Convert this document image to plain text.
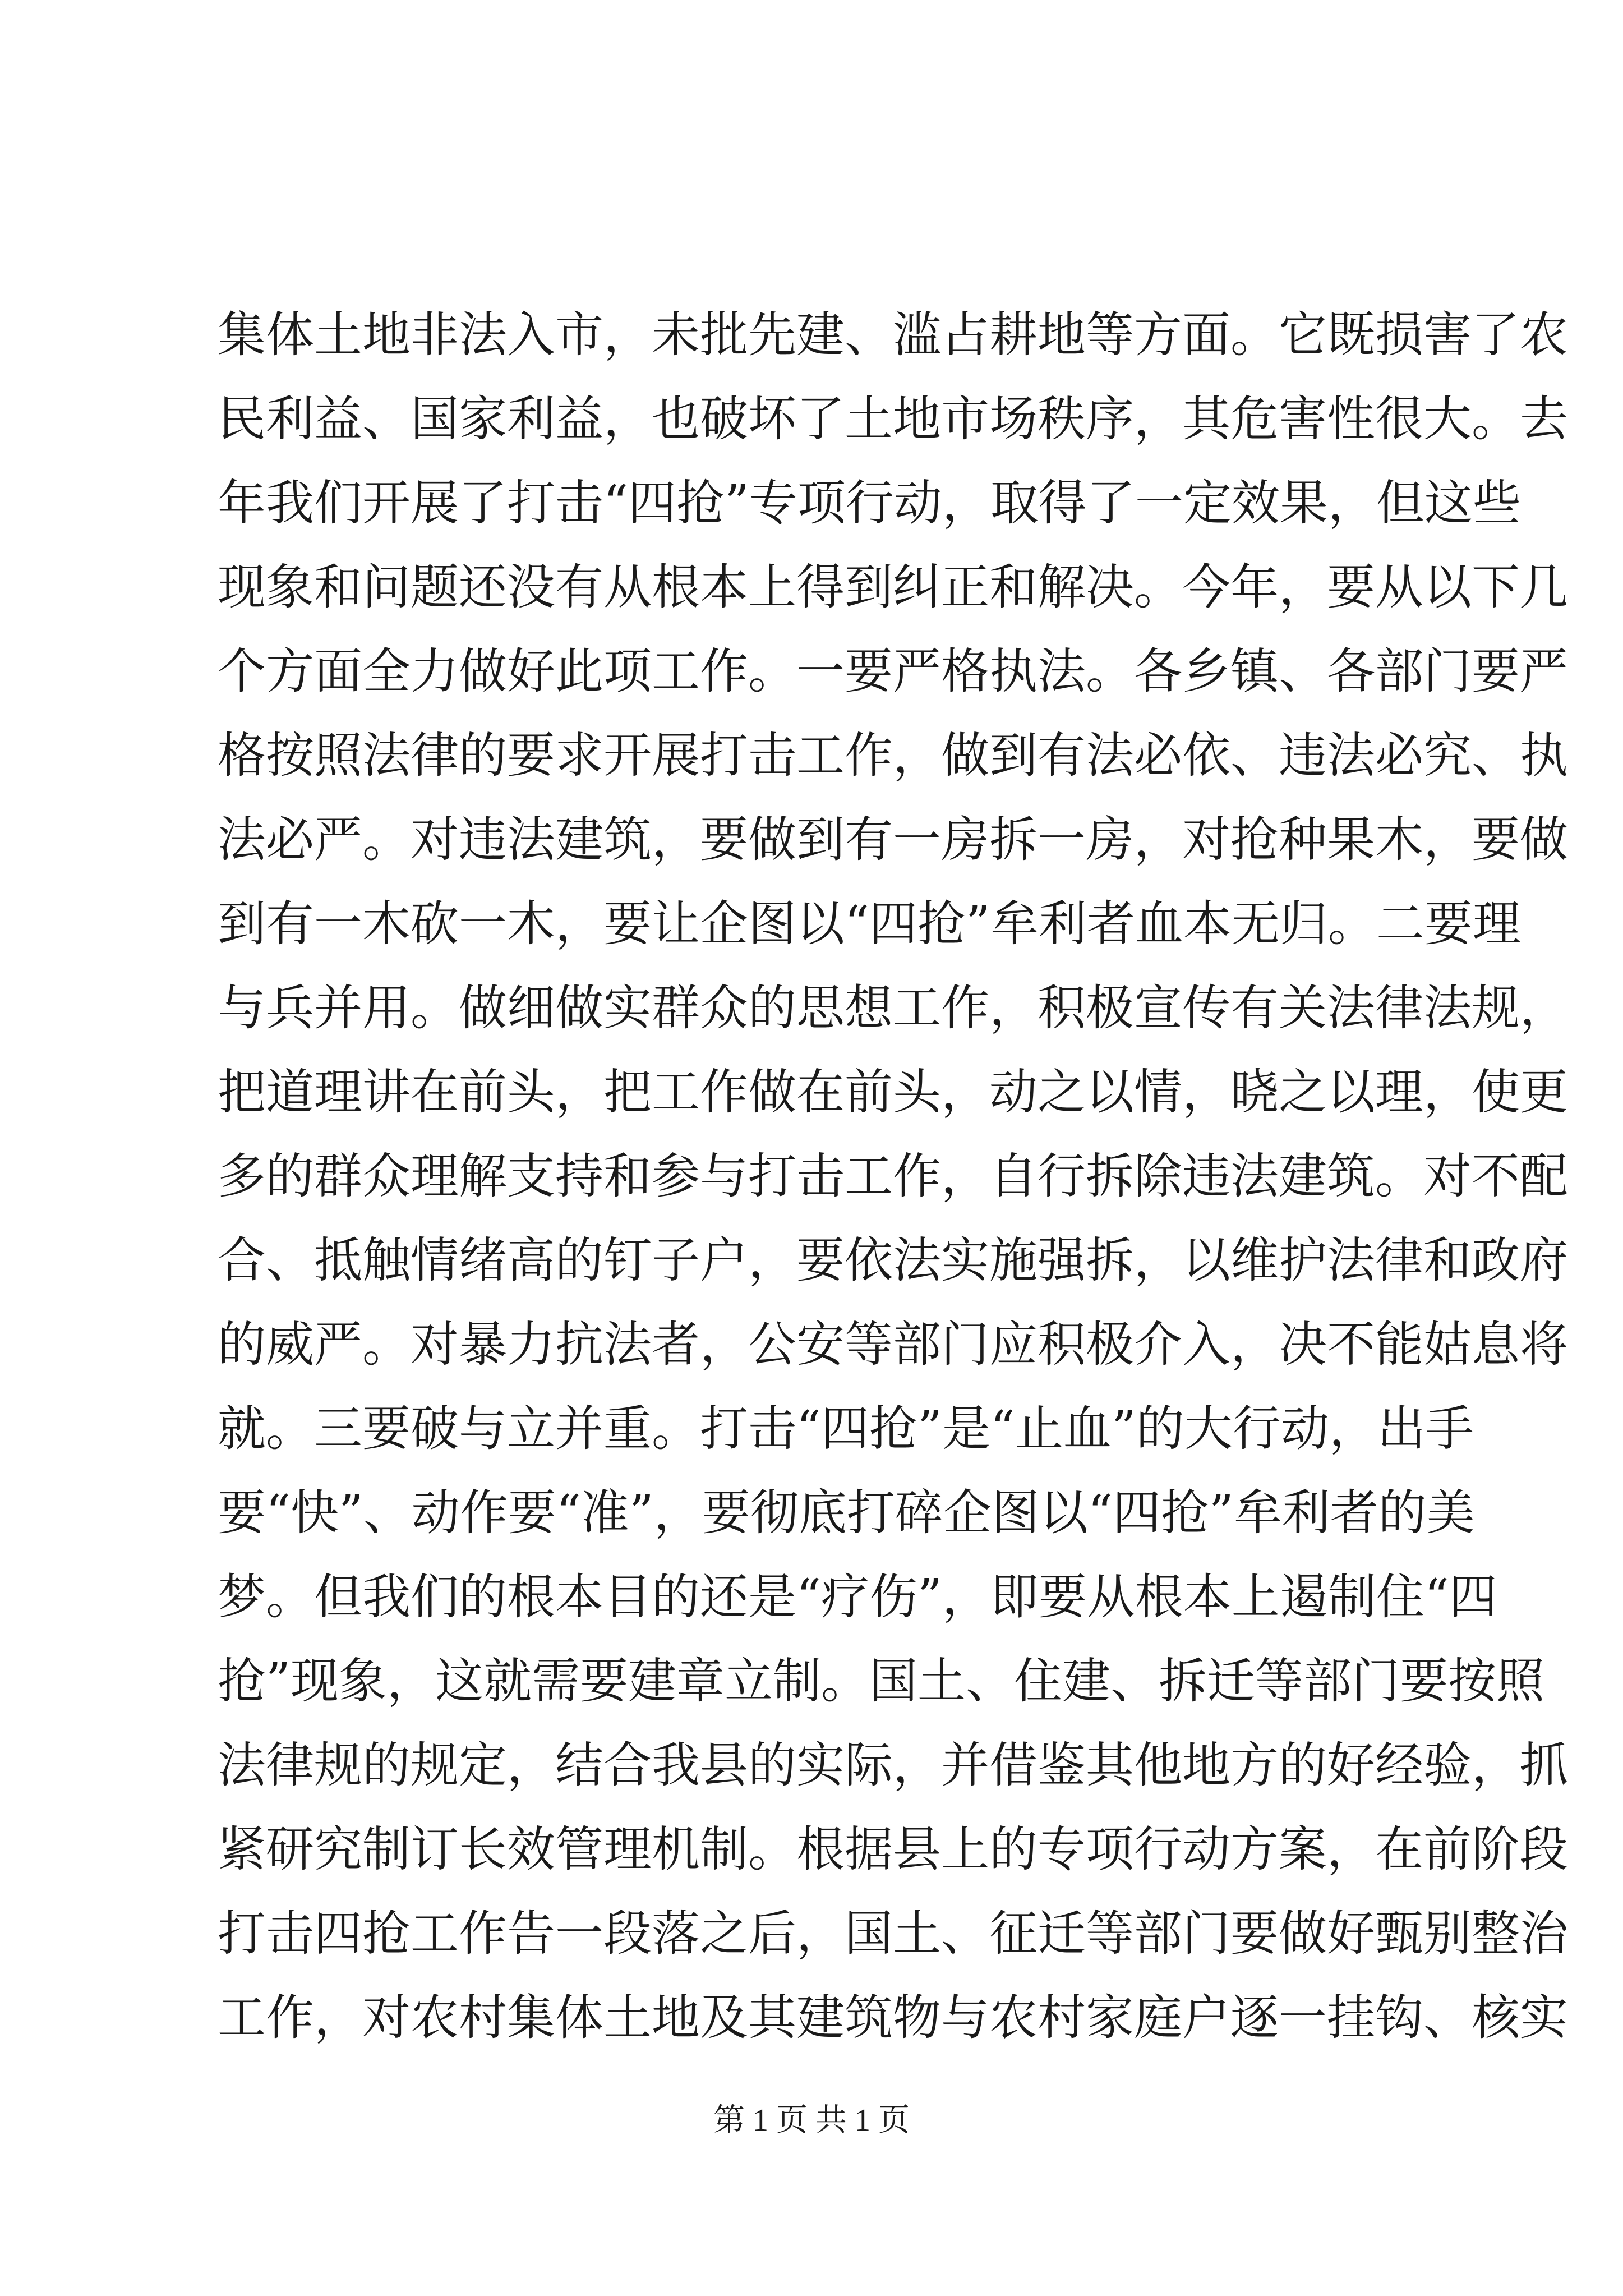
集体土地非法入市，未批先建、滥占耕地等方面。它既损害了农
民利益、国家利益，也破坏了土地市场秩序，其危害性很大。去
年我们开展了打击“四抢”专项行动，取得了一定效果，但这些
现象和问题还没有从根本上得到纠正和解决。今年，要从以下几
个方面全力做好此项工作。一要严格执法。各乡镇、各部门要严
格按照法律的要求开展打击工作，做到有法必依、违法必究、执
法必严。对违法建筑，要做到有一房拆一房，对抢种果木，要做
到有一木砍一木，要让企图以“四抢”牟利者血本无归。二要理
与兵并用。做细做实群众的思想工作，积极宣传有关法律法规，
把道理讲在前头，把工作做在前头，动之以情，晓之以理，使更
多的群众理解支持和参与打击工作，自行拆除违法建筑。对不配
合、抵触情绪高的钉子户，要依法实施强拆，以维护法律和政府
的威严。对暴力抗法者，公安等部门应积极介入，决不能姑息将
就。三要破与立并重。打击“四抢”是“止血”的大行动，出手
要“快”、动作要“准”，要彻底打碎企图以“四抢”牟利者的美
梦。但我们的根本目的还是“疗伤”，即要从根本上遏制住“四
抢”现象，这就需要建章立制。国土、住建、拆迁等部门要按照
法律规的规定，结合我县的实际，并借鉴其他地方的好经验，抓
紧研究制订长效管理机制。根据县上的专项行动方案，在前阶段
打击四抢工作告一段落之后，国土、征迁等部门要做好甄别整治
工作，对农村集体土地及其建筑物与农村家庭户逐一挂钩、核实
第 1 页 共 1 页
